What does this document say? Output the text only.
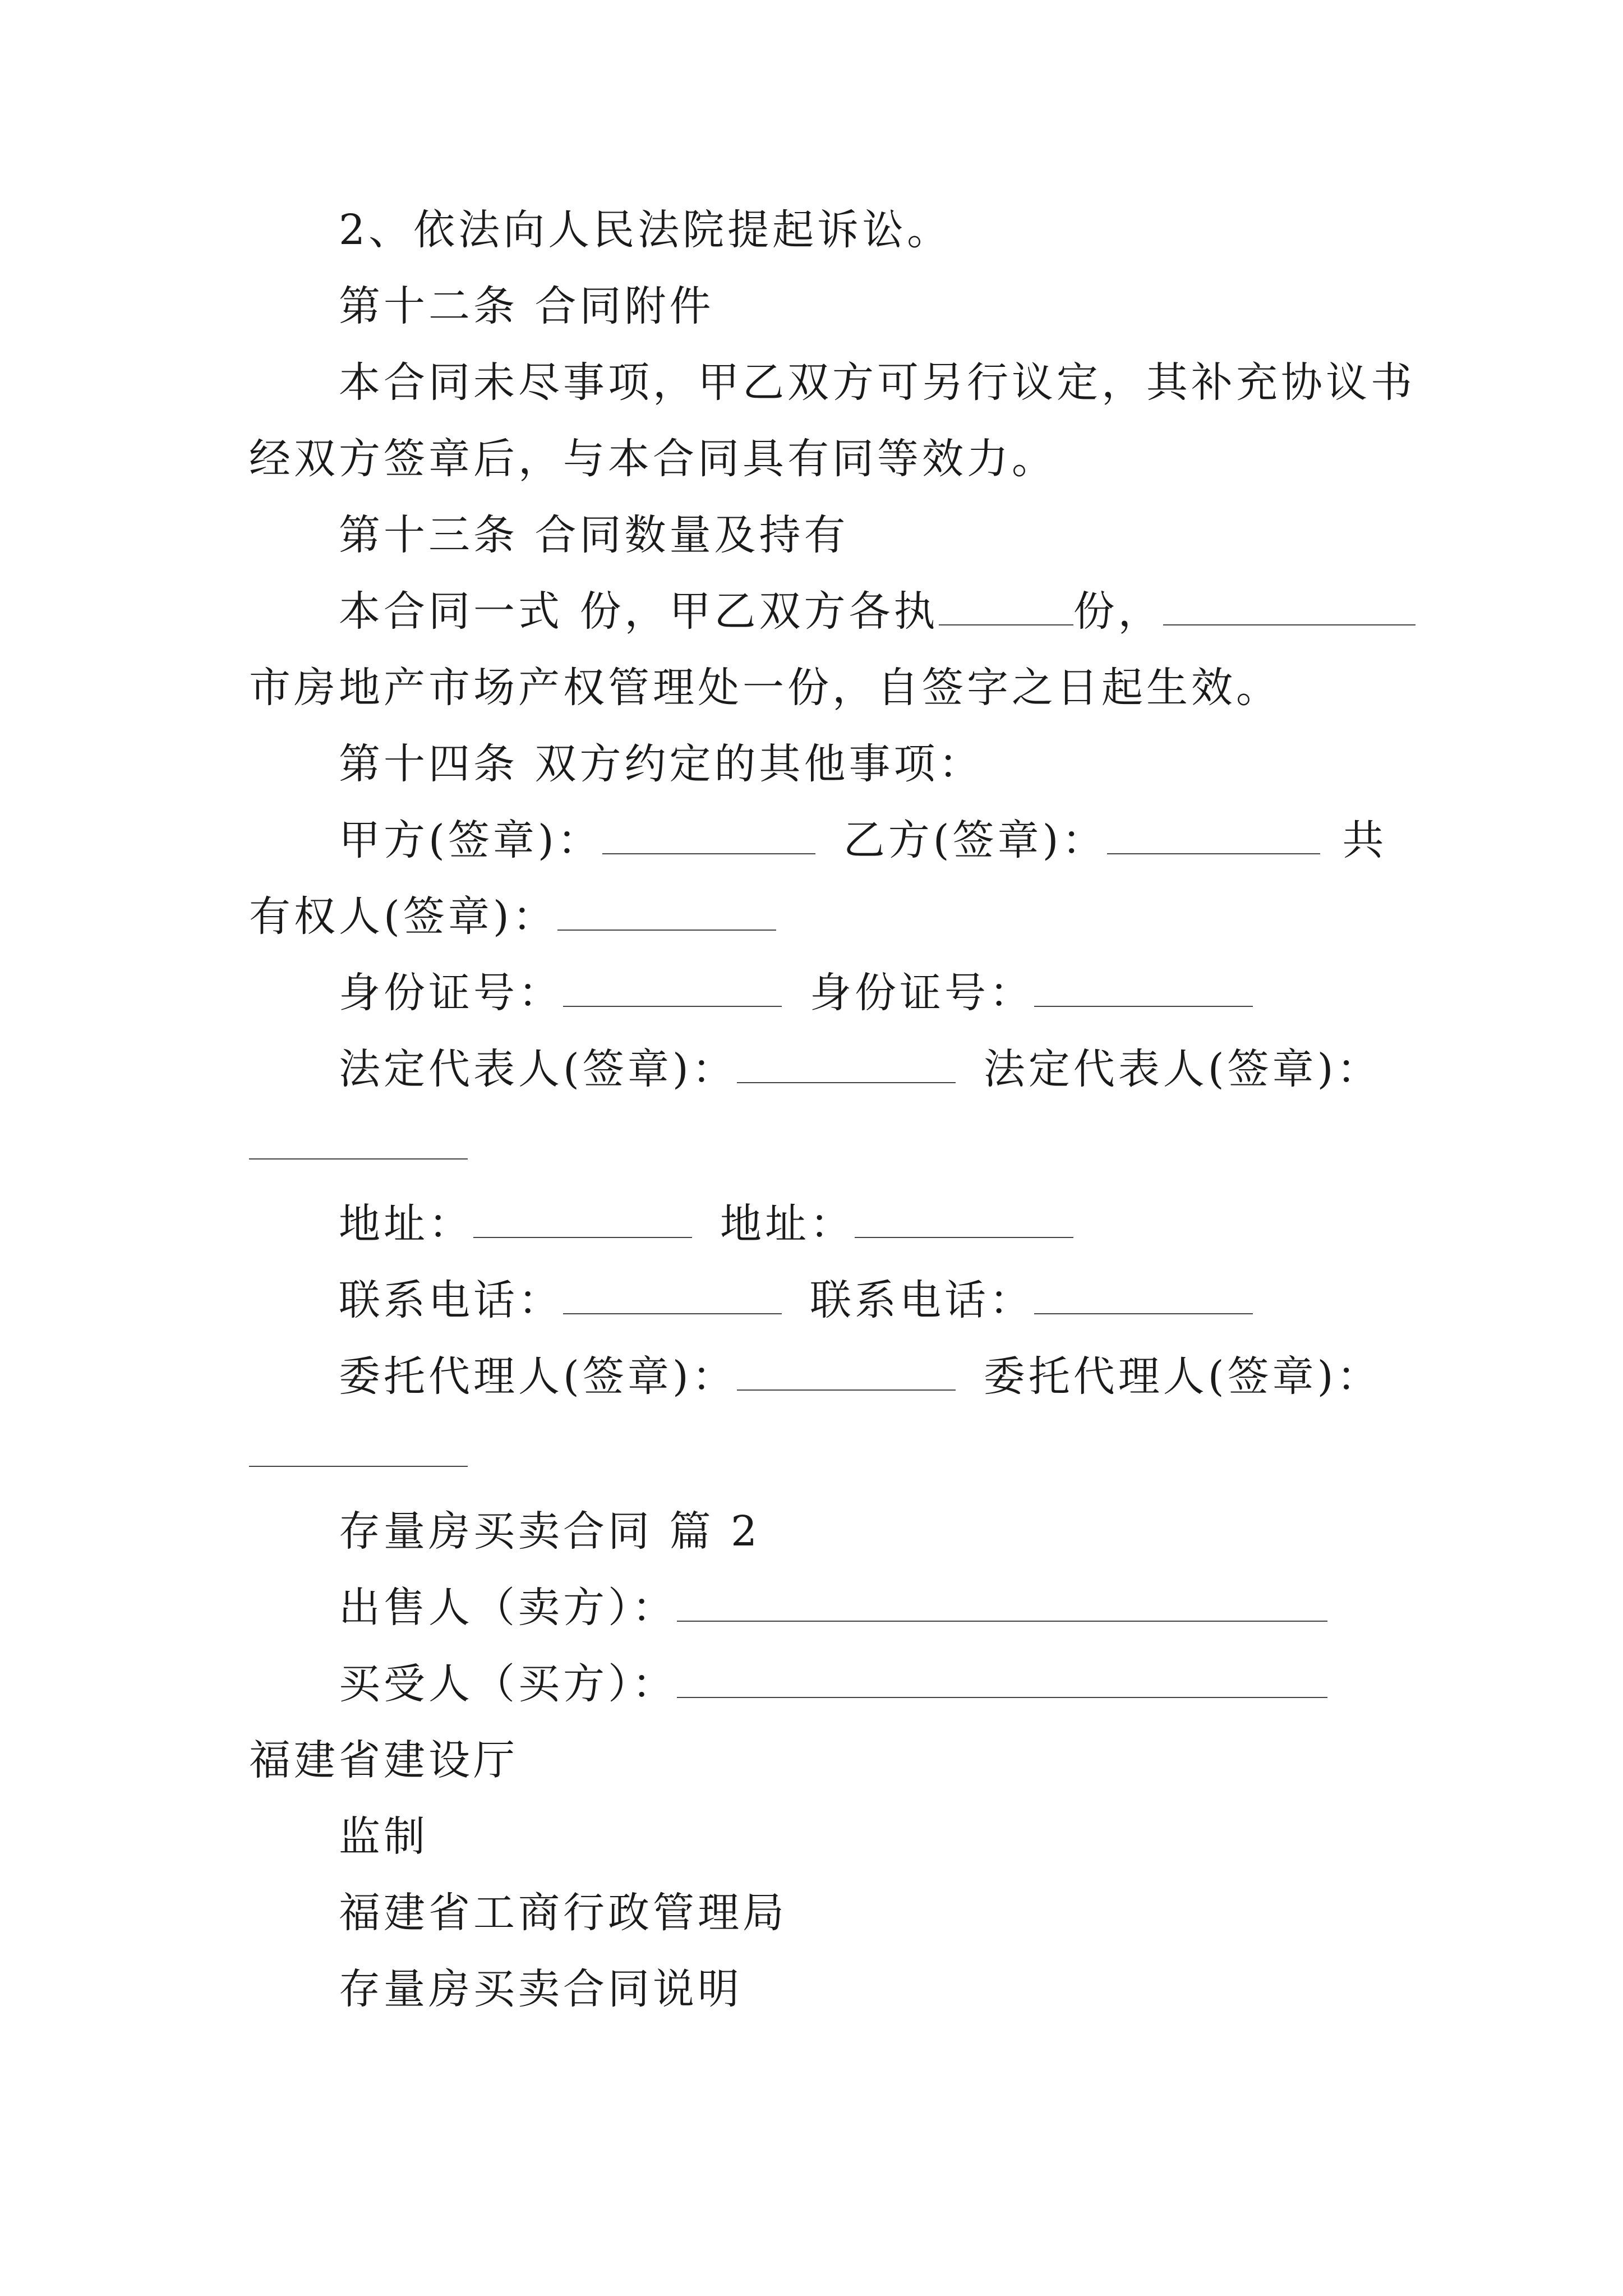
2、依法向人民法院提起诉讼。
第十二条 合同附件
本合同未尽事项，甲乙双方可另行议定，其补充协议书
经双方签章后，与本合同具有同等效力。
第十三条 合同数量及持有
本合同一式 份，甲乙双方各执	份，
市房地产市场产权管理处一份，自签字之日起生效。
第十四条 双方约定的其他事项：
甲方(签章)：	乙方(签章)：	共
有权人(签章)：
身份证号：	身份证号：
法定代表人(签章)：	法定代表人(签章)：
地址：	地址：
联系电话：	联系电话：
委托代理人(签章)：	委托代理人(签章)：
存量房买卖合同 篇 2
出售人（卖方）：
买受人（买方）：
福建省建设厅
监制
福建省工商行政管理局
存量房买卖合同说明
